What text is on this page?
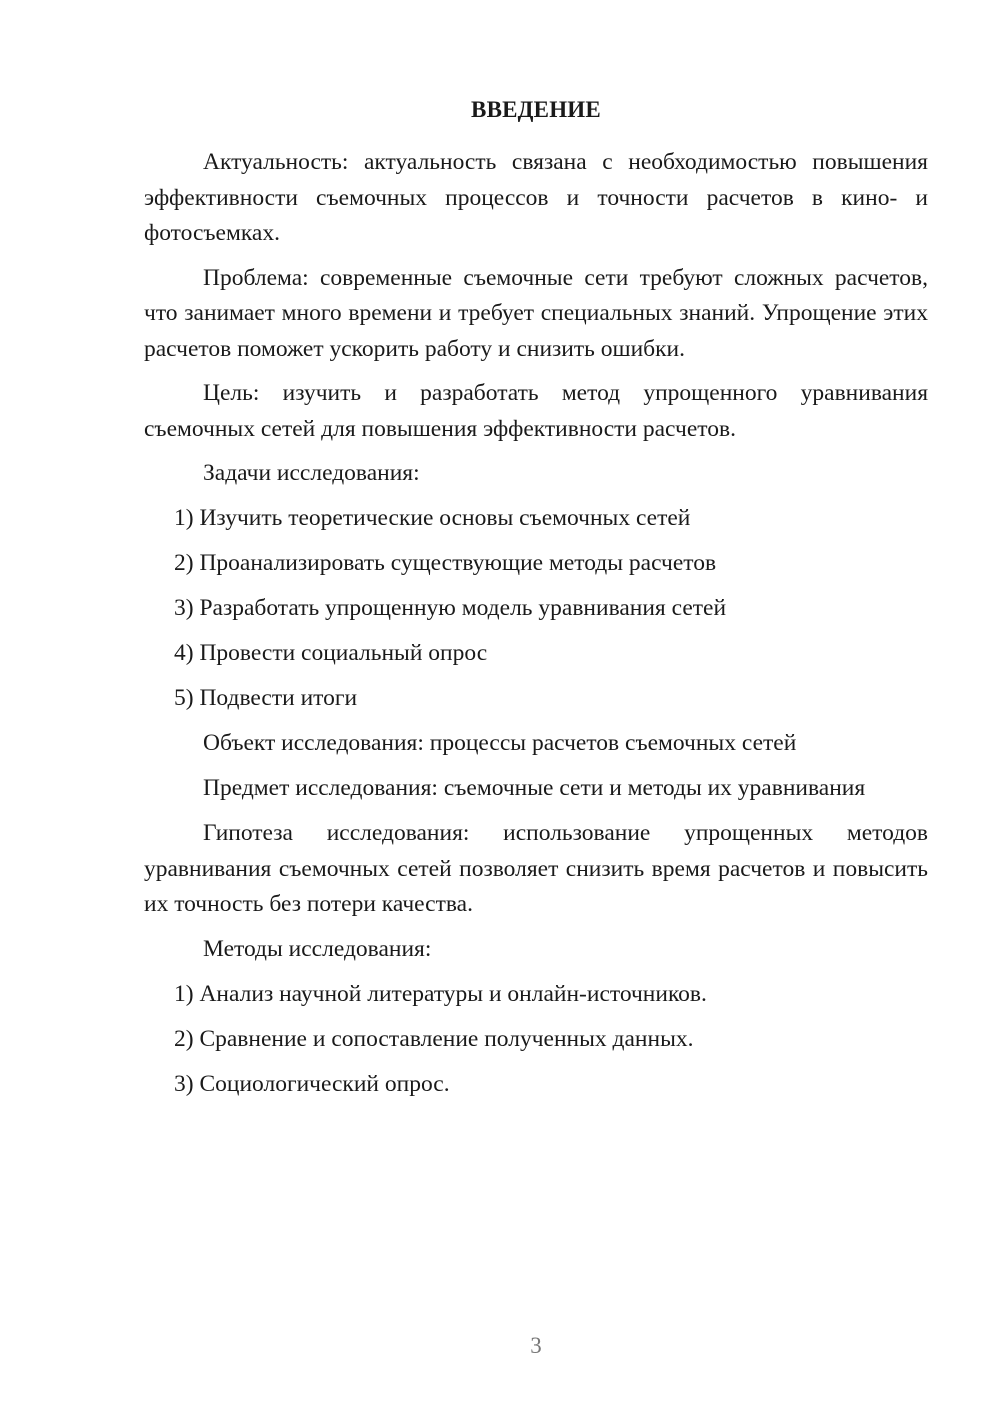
ВВЕДЕНИЕ

Актуальность: актуальность связана с необходимостью повышения эффективности съемочных процессов и точности расчетов в кино- и фотосъемках.

Проблема: современные съемочные сети требуют сложных расчетов, что занимает много времени и требует специальных знаний. Упрощение этих расчетов поможет ускорить работу и снизить ошибки.

Цель: изучить и разработать метод упрощенного уравнивания съемочных сетей для повышения эффективности расчетов.

Задачи исследования:
1) Изучить теоретические основы съемочных сетей
2) Проанализировать существующие методы расчетов
3) Разработать упрощенную модель уравнивания сетей
4) Провести социальный опрос
5) Подвести итоги
Объект исследования: процессы расчетов съемочных сетей
Предмет исследования: съемочные сети и методы их уравнивания

Гипотеза исследования: использование упрощенных методов уравнивания съемочных сетей позволяет снизить время расчетов и повысить их точность без потери качества.

Методы исследования:
1) Анализ научной литературы и онлайн-источников.
2) Сравнение и сопоставление полученных данных.
3) Социологический опрос.
3
